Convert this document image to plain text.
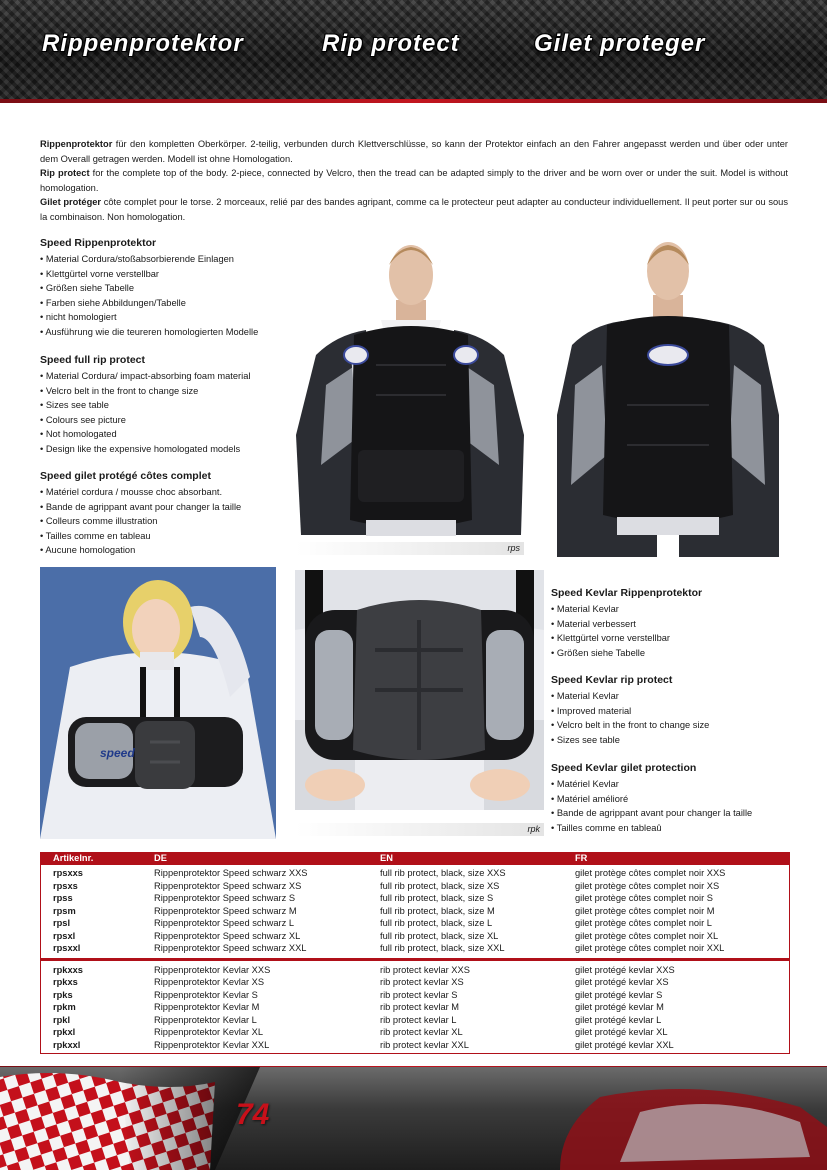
Rippenprotektor	Rip protect	Gilet proteger

Rippenprotektor für den kompletten Oberkörper. 2-teilig, verbunden durch Klettverschlüsse, so kann der Protektor einfach an den Fahrer angepasst werden und über oder unter dem Overall getragen werden. Modell ist ohne Homologation.

Rip protect for the complete top of the body. 2-piece, connected by Velcro, then the tread can be adapted simply to the driver and be worn over or under the suit. Model is without homologation.

Gilet protéger côte complet pour le torse. 2 morceaux, relié par des bandes agripant, comme ca le protecteur peut adapter au conducteur individuellement. Il peut porter sur ou sous la combinaison. Non homologation.

Speed Rippenprotektor
• Material Cordura/stoßabsorbierende Einlagen
• Klettgürtel vorne verstellbar
• Größen siehe Tabelle
• Farben siehe Abbildungen/Tabelle
• nicht homologiert
• Ausführung wie die teureren homologierten Modelle
Speed full rip protect
• Material Cordura/ impact-absorbing foam material
• Velcro belt in the front to change size
• Sizes see table
• Colours see picture
• Not homologated
• Design like the expensive homologated models
Speed gilet protégé côtes complet
• Matériel cordura / mousse choc absorbant.
• Bande de agrippant avant pour changer la taille
• Colleurs comme illustration
• Tailles comme en tableau
• Aucune homologation	rps
speed
rpk
Speed Kevlar Rippenprotektor
• Material Kevlar
• Material verbessert
• Klettgürtel vorne verstellbar
• Größen siehe Tabelle
Speed Kevlar rip protect
• Material Kevlar
• Improved material
• Velcro belt in the front to change size
• Sizes see table
Speed Kevlar gilet protection
• Matériel Kevlar
• Matériel amélioré
• Bande de agrippant avant pour changer la taille
• Tailles comme en tableaû
Artikelnr.	DE	EN	FR
rpsxxs	Rippenprotektor Speed schwarz XXS	full rib protect, black, size XXS	gilet protège côtes complet noir XXS
rpsxs	Rippenprotektor Speed schwarz XS	full rib protect, black, size XS	gilet protège côtes complet noir XS
rpss	Rippenprotektor Speed schwarz S	full rib protect, black, size S	gilet protège côtes complet noir S
rpsm	Rippenprotektor Speed schwarz M	full rib protect, black, size M	gilet protège côtes complet noir M
rpsl	Rippenprotektor Speed schwarz L	full rib protect, black, size L	gilet protège côtes complet noir L
rpsxl	Rippenprotektor Speed schwarz XL	full rib protect, black, size XL	gilet protège côtes complet noir XL
rpsxxl	Rippenprotektor Speed schwarz XXL	full rib protect, black, size XXL	gilet protège côtes complet noir XXL
rpkxxs	Rippenprotektor Kevlar XXS	rib protect kevlar XXS	gilet protégé kevlar XXS
rpkxs	Rippenprotektor Kevlar XS	rib protect kevlar XS	gilet protégé kevlar XS
rpks	Rippenprotektor Kevlar S	rib protect kevlar S	gilet protégé kevlar S
rpkm	Rippenprotektor Kevlar M	rib protect kevlar M	gilet protégé kevlar M
rpkl	Rippenprotektor Kevlar L	rib protect kevlar L	gilet protégé kevlar L
rpkxl	Rippenprotektor Kevlar XL	rib protect kevlar XL	gilet protégé kevlar XL
rpkxxl	Rippenprotektor Kevlar XXL	rib protect kevlar XXL	gilet protégé kevlar XXL
74
